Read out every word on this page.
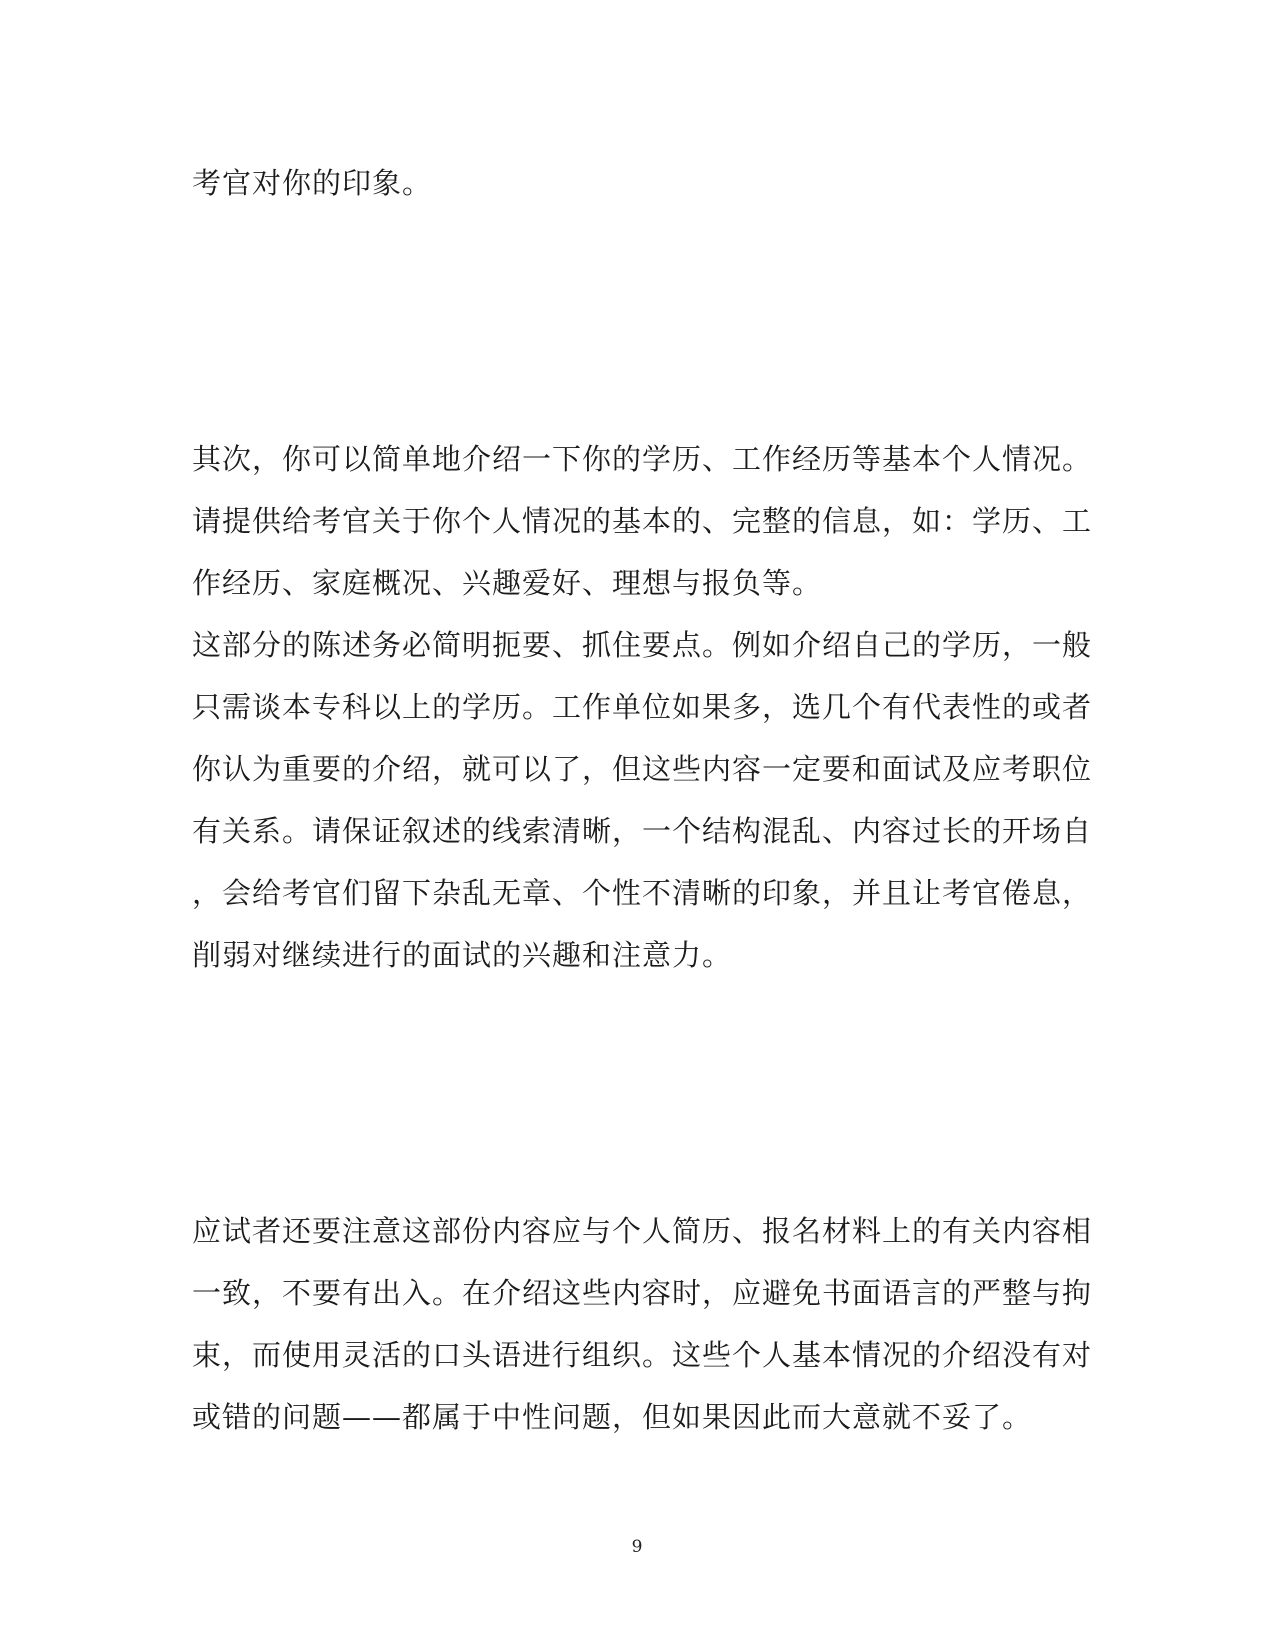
考官对你的印象。
其次，你可以简单地介绍一下你的学历、工作经历等基本个人情况。
请提供给考官关于你个人情况的基本的、完整的信息，如：学历、工
作经历、家庭概况、兴趣爱好、理想与报负等。
这部分的陈述务必简明扼要、抓住要点。例如介绍自己的学历，一般
只需谈本专科以上的学历。工作单位如果多，选几个有代表性的或者
你认为重要的介绍，就可以了，但这些内容一定要和面试及应考职位
有关系。请保证叙述的线索清晰，一个结构混乱、内容过长的开场自
，会给考官们留下杂乱无章、个性不清晰的印象，并且让考官倦息，
削弱对继续进行的面试的兴趣和注意力。
应试者还要注意这部份内容应与个人简历、报名材料上的有关内容相
一致，不要有出入。在介绍这些内容时，应避免书面语言的严整与拘
束，而使用灵活的口头语进行组织。这些个人基本情况的介绍没有对
或错的问题——都属于中性问题，但如果因此而大意就不妥了。
9
